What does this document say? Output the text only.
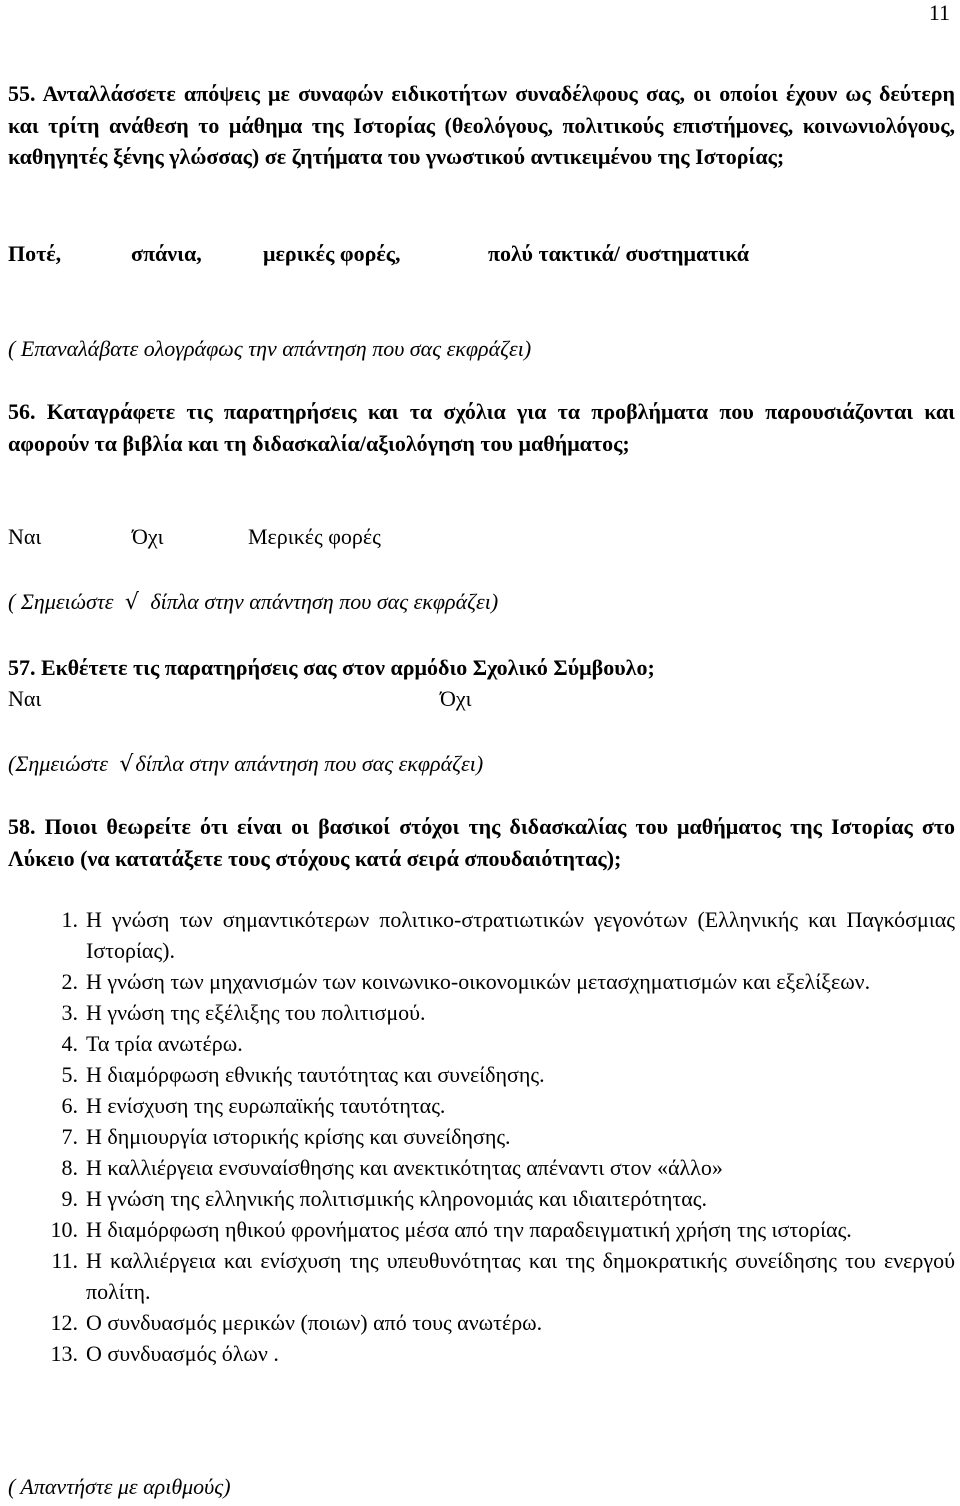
11
55. Ανταλλάσσετε απόψεις με συναφών ειδικοτήτων συναδέλφους σας, οι οποίοι έχουν ως δεύτερη και τρίτη ανάθεση το μάθημα της Ιστορίας (θεολόγους, πολιτικούς επιστήμονες, κοινωνιολόγους, καθηγητές ξένης γλώσσας) σε ζητήματα του γνωστικού αντικειμένου της Ιστορίας;
Ποτέ,	σπάνια,	μερικές φορές,	πολύ τακτικά/ συστηματικά
( Επαναλάβατε ολογράφως την απάντηση που σας εκφράζει)
56. Καταγράφετε τις παρατηρήσεις και τα σχόλια για τα προβλήματα που παρουσιάζονται και αφορούν τα βιβλία και τη διδασκαλία/αξιολόγηση του μαθήματος;
Ναι	Όχι	Μερικές φορές
( Σημειώστε √ δίπλα στην απάντηση που σας εκφράζει)
57. Εκθέτετε τις παρατηρήσεις σας στον αρμόδιο Σχολικό Σύμβουλο;
Ναι	Όχι
(Σημειώστε √δίπλα στην απάντηση που σας εκφράζει)
58. Ποιοι θεωρείτε ότι είναι οι βασικοί στόχοι της διδασκαλίας του μαθήματος της Ιστορίας στο Λύκειο (να κατατάξετε τους στόχους κατά σειρά σπουδαιότητας);
1. Η γνώση των σημαντικότερων πολιτικο-στρατιωτικών γεγονότων (Ελληνικής και Παγκόσμιας Ιστορίας).
2. Η γνώση των μηχανισμών των κοινωνικο-οικονομικών μετασχηματισμών και εξελίξεων.
3. Η γνώση της εξέλιξης του πολιτισμού.
4. Τα τρία ανωτέρω.
5. Η διαμόρφωση εθνικής ταυτότητας και συνείδησης.
6. Η ενίσχυση της ευρωπαϊκής ταυτότητας.
7. Η δημιουργία ιστορικής κρίσης και συνείδησης.
8. Η καλλιέργεια ενσυναίσθησης και ανεκτικότητας απέναντι στον «άλλο»
9. Η γνώση της ελληνικής πολιτισμικής κληρονομιάς και ιδιαιτερότητας.
10. Η διαμόρφωση ηθικού φρονήματος μέσα από την παραδειγματική χρήση της ιστορίας.
11. Η καλλιέργεια και ενίσχυση της υπευθυνότητας και της δημοκρατικής συνείδησης του ενεργού πολίτη.
12. Ο συνδυασμός μερικών (ποιων) από τους ανωτέρω.
13. Ο συνδυασμός όλων .
( Απαντήστε με αριθμούς)
